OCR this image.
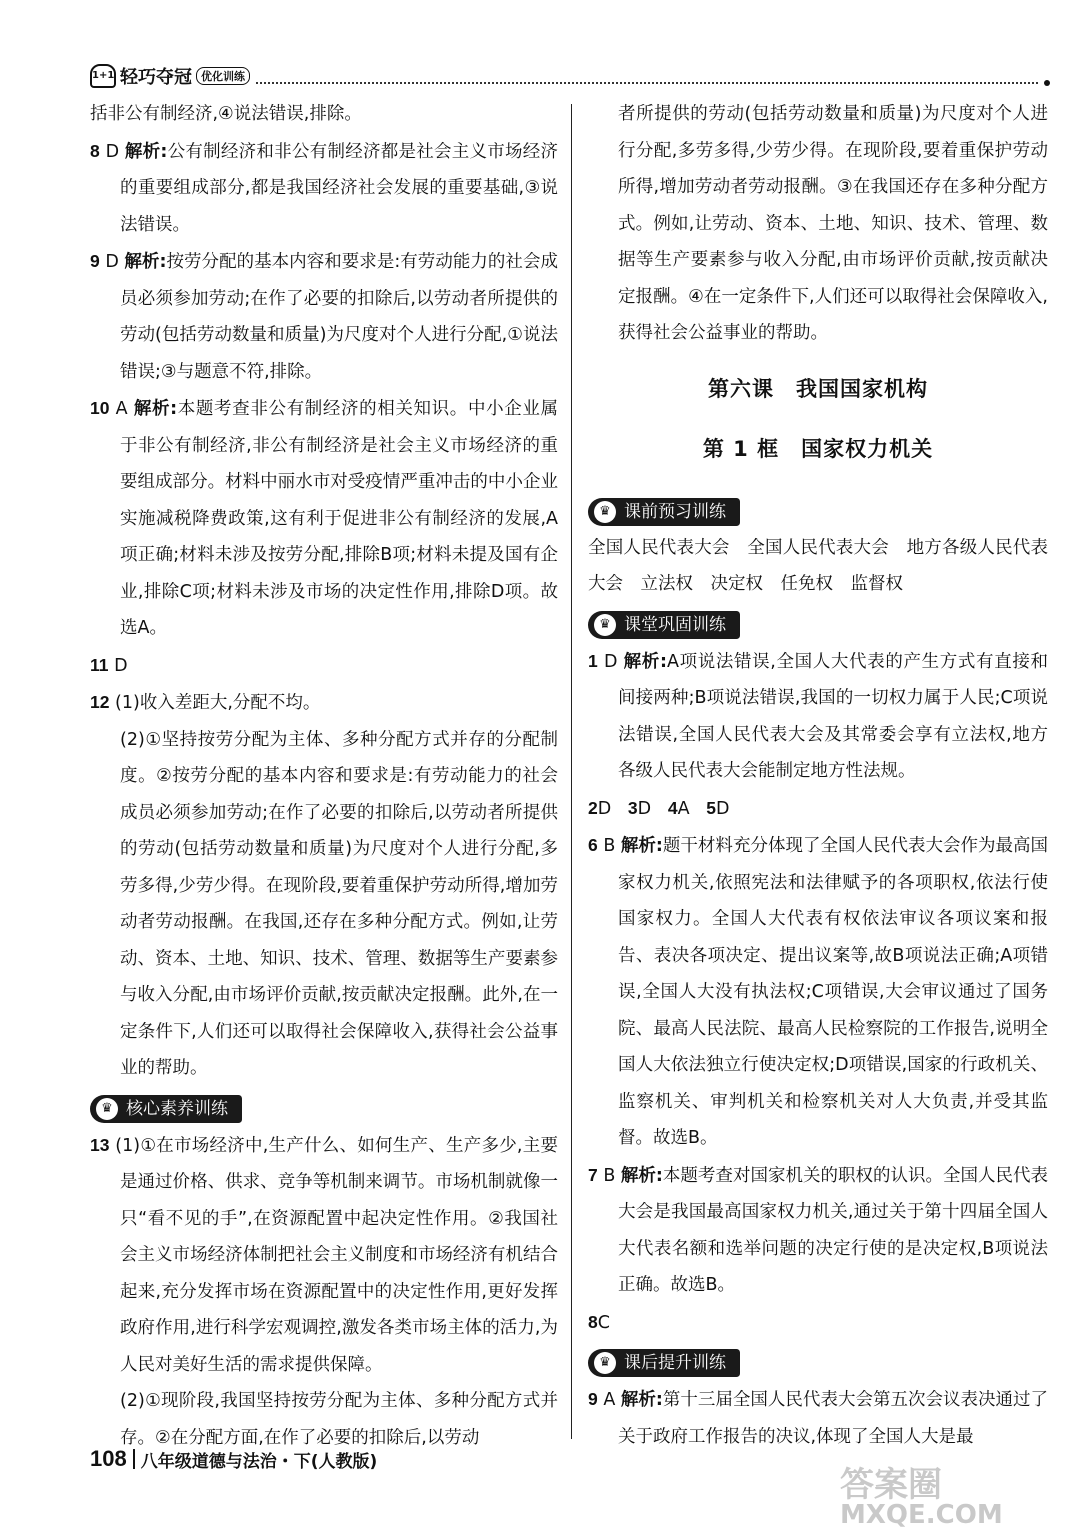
1+1 轻巧夺冠 优化训练

括非公有制经济,④说法错误,排除。

8 D 解析:公有制经济和非公有制经济都是社会主义市场经济的重要组成部分,都是我国经济社会发展的重要基础,③说法错误。

9 D 解析:按劳分配的基本内容和要求是:有劳动能力的社会成员必须参加劳动;在作了必要的扣除后,以劳动者所提供的劳动(包括劳动数量和质量)为尺度对个人进行分配,①说法错误;③与题意不符,排除。

10 A 解析:本题考查非公有制经济的相关知识。中小企业属于非公有制经济,非公有制经济是社会主义市场经济的重要组成部分。材料中丽水市对受疫情严重冲击的中小企业实施减税降费政策,这有利于促进非公有制经济的发展,A项正确;材料未涉及按劳分配,排除B项;材料未提及国有企业,排除C项;材料未涉及市场的决定性作用,排除D项。故选A。

11 D

12 (1)收入差距大,分配不均。

(2)①坚持按劳分配为主体、多种分配方式并存的分配制度。②按劳分配的基本内容和要求是:有劳动能力的社会成员必须参加劳动;在作了必要的扣除后,以劳动者所提供的劳动(包括劳动数量和质量)为尺度对个人进行分配,多劳多得,少劳少得。在现阶段,要着重保护劳动所得,增加劳动者劳动报酬。在我国,还存在多种分配方式。例如,让劳动、资本、土地、知识、技术、管理、数据等生产要素参与收入分配,由市场评价贡献,按贡献决定报酬。此外,在一定条件下,人们还可以取得社会保障收入,获得社会公益事业的帮助。

♛ 核心素养训练

13 (1)①在市场经济中,生产什么、如何生产、生产多少,主要是通过价格、供求、竞争等机制来调节。市场机制就像一只“看不见的手”,在资源配置中起决定性作用。②我国社会主义市场经济体制把社会主义制度和市场经济有机结合起来,充分发挥市场在资源配置中的决定性作用,更好发挥政府作用,进行科学宏观调控,激发各类市场主体的活力,为人民对美好生活的需求提供保障。

(2)①现阶段,我国坚持按劳分配为主体、多种分配方式并存。②在分配方面,在作了必要的扣除后,以劳动

者所提供的劳动(包括劳动数量和质量)为尺度对个人进行分配,多劳多得,少劳少得。在现阶段,要着重保护劳动所得,增加劳动者劳动报酬。③在我国还存在多种分配方式。例如,让劳动、资本、土地、知识、技术、管理、数据等生产要素参与收入分配,由市场评价贡献,按贡献决定报酬。④在一定条件下,人们还可以取得社会保障收入,获得社会公益事业的帮助。

第六课　我国国家机构
第 1 框　国家权力机关
♛ 课前预习训练

全国人民代表大会　全国人民代表大会　地方各级人民代表大会　立法权　决定权　任免权　监督权

♛ 课堂巩固训练

1 D 解析:A项说法错误,全国人大代表的产生方式有直接和间接两种;B项说法错误,我国的一切权力属于人民;C项说法错误,全国人民代表大会及其常委会享有立法权,地方各级人民代表大会能制定地方性法规。

2D 3D 4A 5D

6 B 解析:题干材料充分体现了全国人民代表大会作为最高国家权力机关,依照宪法和法律赋予的各项职权,依法行使国家权力。全国人大代表有权依法审议各项议案和报告、表决各项决定、提出议案等,故B项说法正确;A项错误,全国人大没有执法权;C项错误,大会审议通过了国务院、最高人民法院、最高人民检察院的工作报告,说明全国人大依法独立行使决定权;D项错误,国家的行政机关、监察机关、审判机关和检察机关对人大负责,并受其监督。故选B。

7 B 解析:本题考查对国家机关的职权的认识。全国人民代表大会是我国最高国家权力机关,通过关于第十四届全国人大代表名额和选举问题的决定行使的是决定权,B项说法正确。故选B。

8C

♛ 课后提升训练

9 A 解析:第十三届全国人民代表大会第五次会议表决通过了关于政府工作报告的决议,体现了全国人大是最

108 八年级道德与法治・下(人教版)
答案圈
MXQE.COM
